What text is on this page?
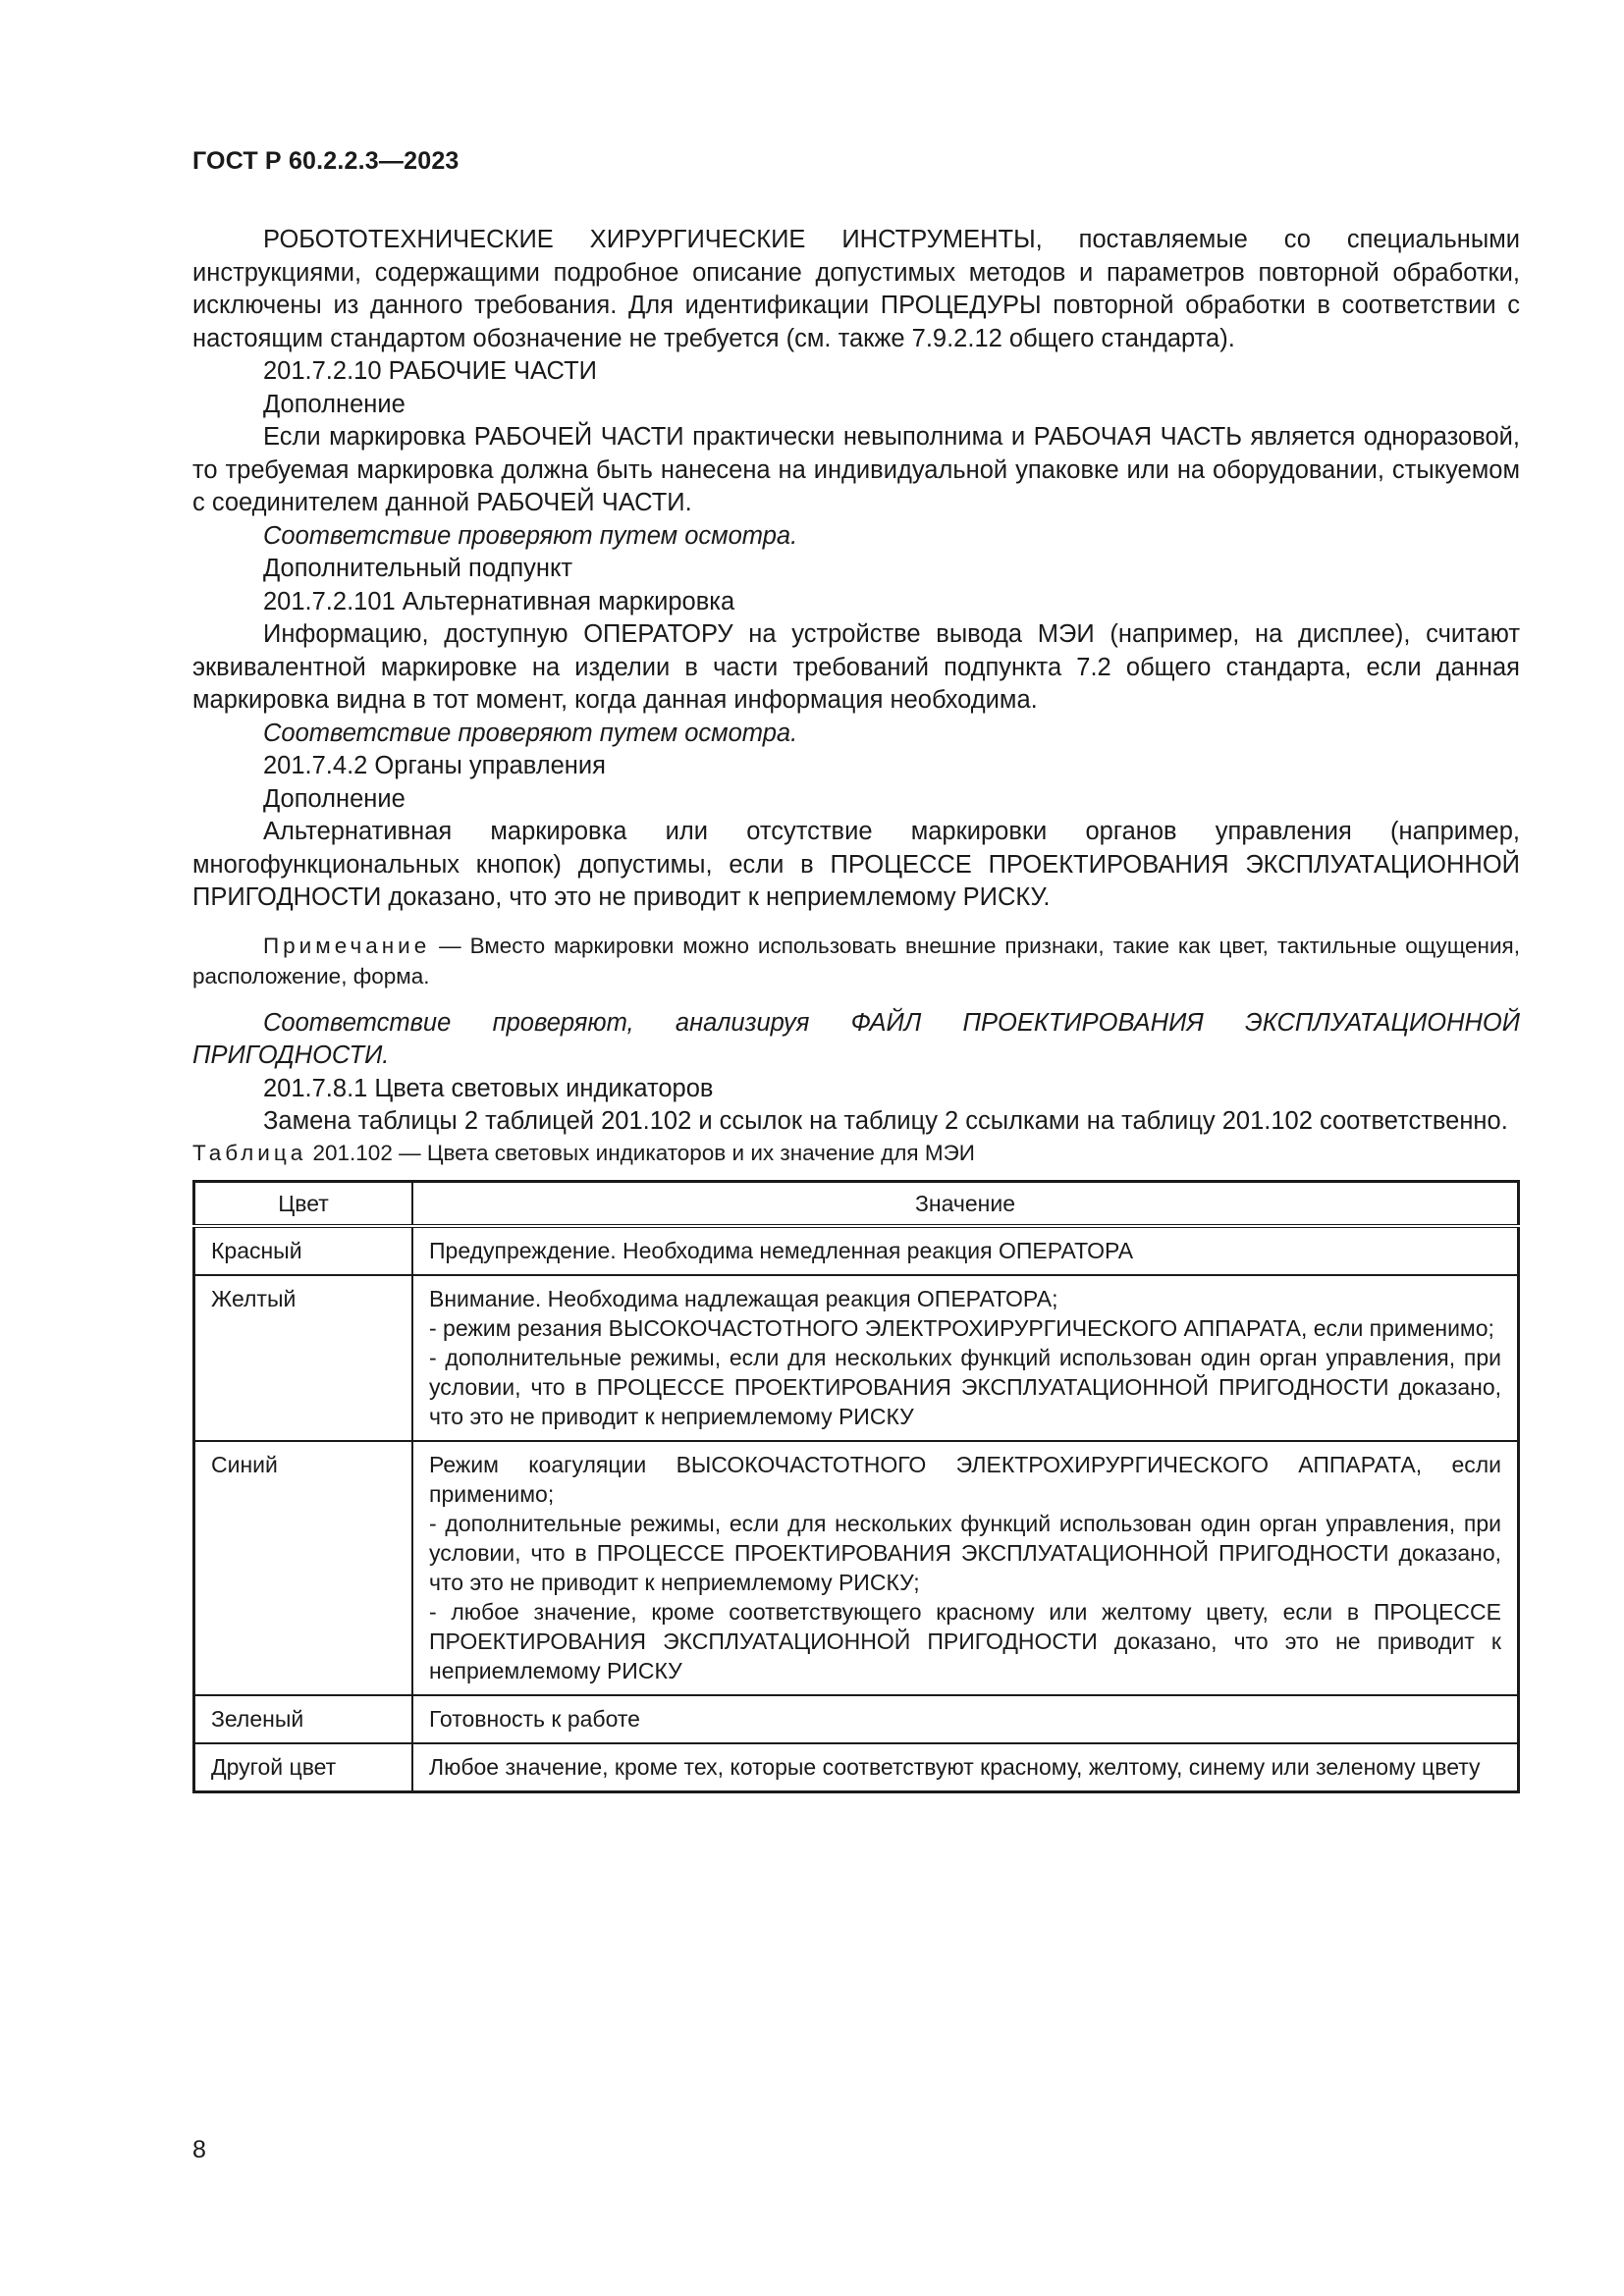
ГОСТ Р 60.2.2.3—2023

РОБОТОТЕХНИЧЕСКИЕ ХИРУРГИЧЕСКИЕ ИНСТРУМЕНТЫ, поставляемые со специальными инструкциями, содержащими подробное описание допустимых методов и параметров повторной обработки, исключены из данного требования. Для идентификации ПРОЦЕДУРЫ повторной обработки в соответствии с настоящим стандартом обозначение не требуется (см. также 7.9.2.12 общего стандарта).

201.7.2.10 РАБОЧИЕ ЧАСТИ

Дополнение

Если маркировка РАБОЧЕЙ ЧАСТИ практически невыполнима и РАБОЧАЯ ЧАСТЬ является одноразовой, то требуемая маркировка должна быть нанесена на индивидуальной упаковке или на оборудовании, стыкуемом с соединителем данной РАБОЧЕЙ ЧАСТИ.

Соответствие проверяют путем осмотра.

Дополнительный подпункт

201.7.2.101 Альтернативная маркировка

Информацию, доступную ОПЕРАТОРУ на устройстве вывода МЭИ (например, на дисплее), считают эквивалентной маркировке на изделии в части требований подпункта 7.2 общего стандарта, если данная маркировка видна в тот момент, когда данная информация необходима.

Соответствие проверяют путем осмотра.

201.7.4.2 Органы управления

Дополнение

Альтернативная маркировка или отсутствие маркировки органов управления (например, многофункциональных кнопок) допустимы, если в ПРОЦЕССЕ ПРОЕКТИРОВАНИЯ ЭКСПЛУАТАЦИОННОЙ ПРИГОДНОСТИ доказано, что это не приводит к неприемлемому РИСКУ.

Примечание — Вместо маркировки можно использовать внешние признаки, такие как цвет, тактильные ощущения, расположение, форма.

Соответствие проверяют, анализируя ФАЙЛ ПРОЕКТИРОВАНИЯ ЭКСПЛУАТАЦИОННОЙ ПРИГОДНОСТИ.

201.7.8.1 Цвета световых индикаторов

Замена таблицы 2 таблицей 201.102 и ссылок на таблицу 2 ссылками на таблицу 201.102 соответственно.

Таблица 201.102 — Цвета световых индикаторов и их значение для МЭИ

Цвет	Значение
Красный	Предупреждение. Необходима немедленная реакция ОПЕРАТОРА

Желтый	Внимание. Необходима надлежащая реакция ОПЕРАТОРА;
- режим резания ВЫСОКОЧАСТОТНОГО ЭЛЕКТРОХИРУРГИЧЕСКОГО АППАРАТА, если применимо;
- дополнительные режимы, если для нескольких функций использован один орган управления, при условии, что в ПРОЦЕССЕ ПРОЕКТИРОВАНИЯ ЭКСПЛУАТАЦИОННОЙ ПРИГОДНОСТИ доказано, что это не приводит к неприемлемому РИСКУ

Синий	Режим коагуляции ВЫСОКОЧАСТОТНОГО ЭЛЕКТРОХИРУРГИЧЕСКОГО АППАРАТА, если применимо;
- дополнительные режимы, если для нескольких функций использован один орган управления, при условии, что в ПРОЦЕССЕ ПРОЕКТИРОВАНИЯ ЭКСПЛУАТАЦИОННОЙ ПРИГОДНОСТИ доказано, что это не приводит к неприемлемому РИСКУ;
- любое значение, кроме соответствующего красному или желтому цвету, если в ПРОЦЕССЕ ПРОЕКТИРОВАНИЯ ЭКСПЛУАТАЦИОННОЙ ПРИГОДНОСТИ доказано, что это не приводит к неприемлемому РИСКУ

Зеленый	Готовность к работе

Другой цвет	Любое значение, кроме тех, которые соответствуют красному, желтому, синему или зеленому цвету
8
